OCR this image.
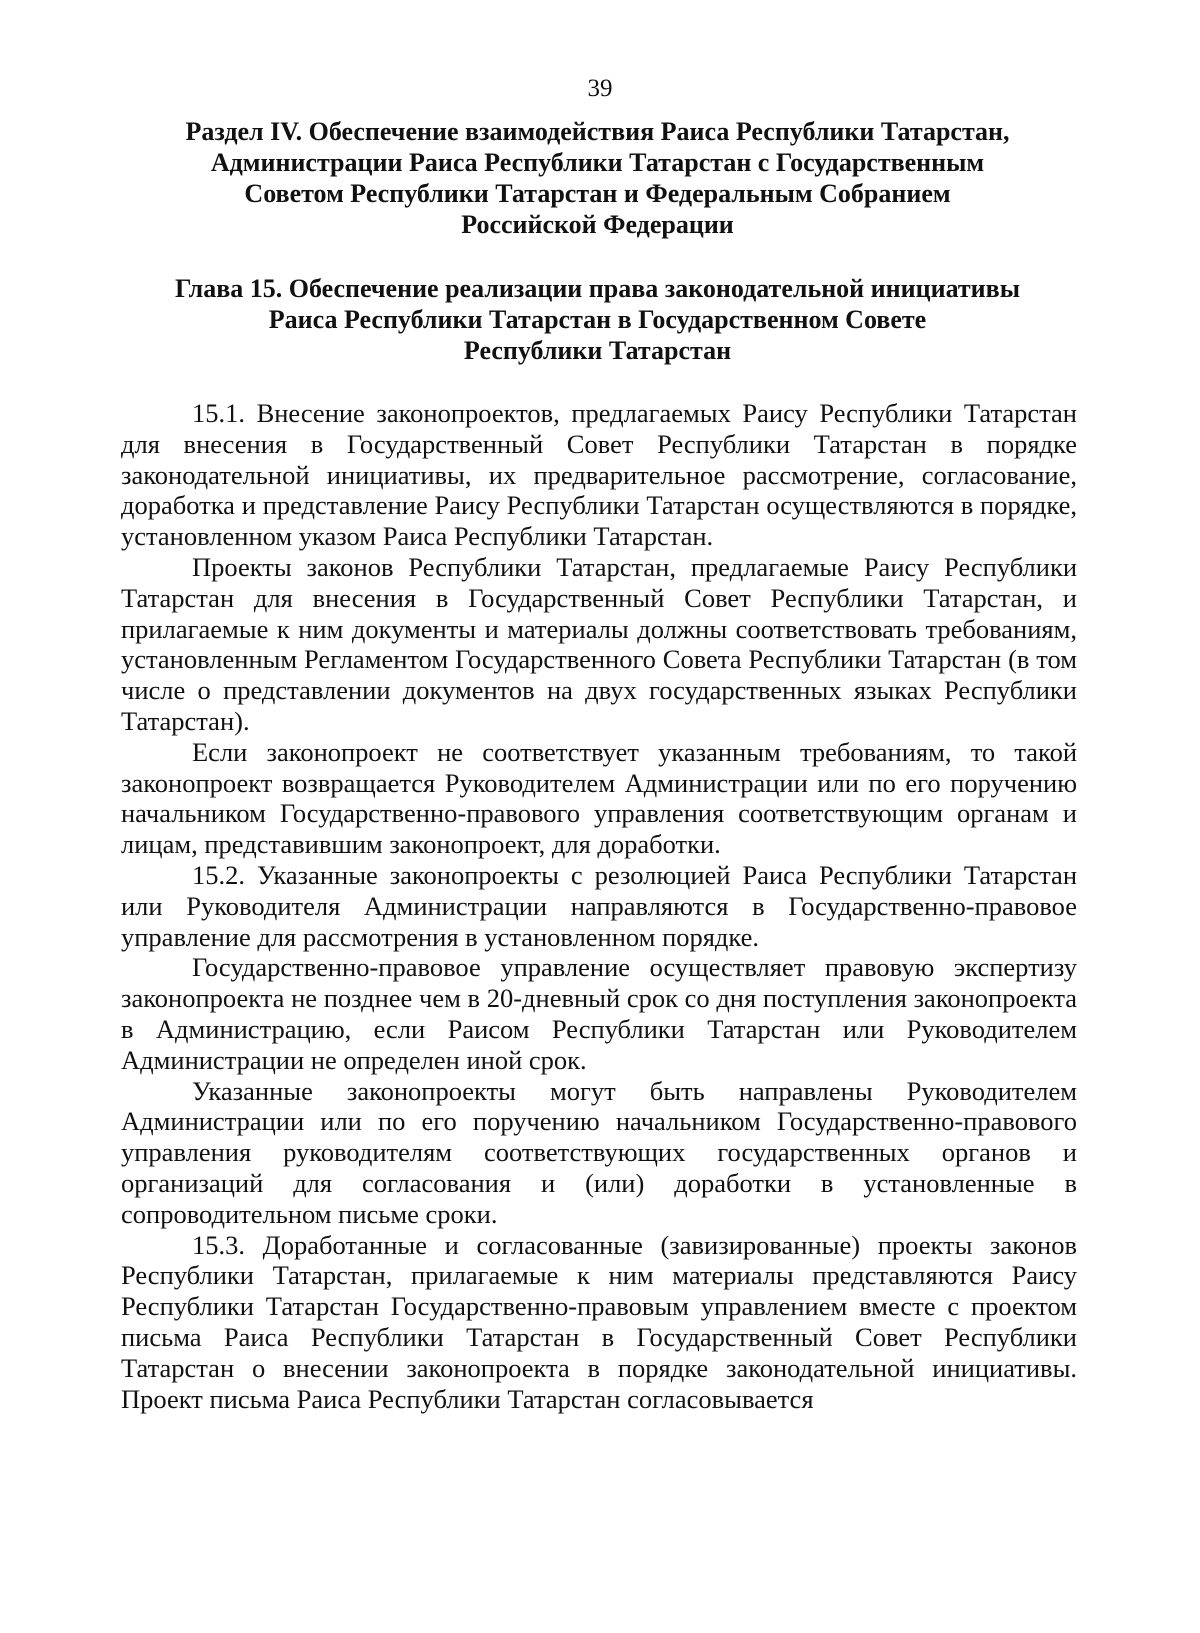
39
Раздел IV. Обеспечение взаимодействия Раиса Республики Татарстан,
Администрации Раиса Республики Татарстан с Государственным
Советом Республики Татарстан и Федеральным Собранием
Российской Федерации
Глава 15. Обеспечение реализации права законодательной инициативы
Раиса Республики Татарстан в Государственном Совете
Республики Татарстан

15.1. Внесение законопроектов, предлагаемых Раису Республики Татарстан для внесения в Государственный Совет Республики Татарстан в порядке законодательной инициативы, их предварительное рассмотрение, согласование, доработка и представление Раису Республики Татарстан осуществляются в порядке, установленном указом Раиса Республики Татарстан.

Проекты законов Республики Татарстан, предлагаемые Раису Республики Татарстан для внесения в Государственный Совет Республики Татарстан, и прилагаемые к ним документы и материалы должны соответствовать требованиям, установленным Регламентом Государственного Совета Республики Татарстан (в том числе о представлении документов на двух государственных языках Республики Татарстан).

Если законопроект не соответствует указанным требованиям, то такой законопроект возвращается Руководителем Администрации или по его поручению начальником Государственно-правового управления соответствующим органам и лицам, представившим законопроект, для доработки.

15.2. Указанные законопроекты с резолюцией Раиса Республики Татарстан или Руководителя Администрации направляются в Государственно-правовое управление для рассмотрения в установленном порядке.

Государственно-правовое управление осуществляет правовую экспертизу законопроекта не позднее чем в 20-дневный срок со дня поступления законопроекта в Администрацию, если Раисом Республики Татарстан или Руководителем Администрации не определен иной срок.

Указанные законопроекты могут быть направлены Руководителем Администрации или по его поручению начальником Государственно-правового управления руководителям соответствующих государственных органов и организаций для согласования и (или) доработки в установленные в сопроводительном письме сроки.

15.3. Доработанные и согласованные (завизированные) проекты законов Республики Татарстан, прилагаемые к ним материалы представляются Раису Республики Татарстан Государственно-правовым управлением вместе с проектом письма Раиса Республики Татарстан в Государственный Совет Республики Татарстан о внесении законопроекта в порядке законодательной инициативы. Проект письма Раиса Республики Татарстан согласовывается
